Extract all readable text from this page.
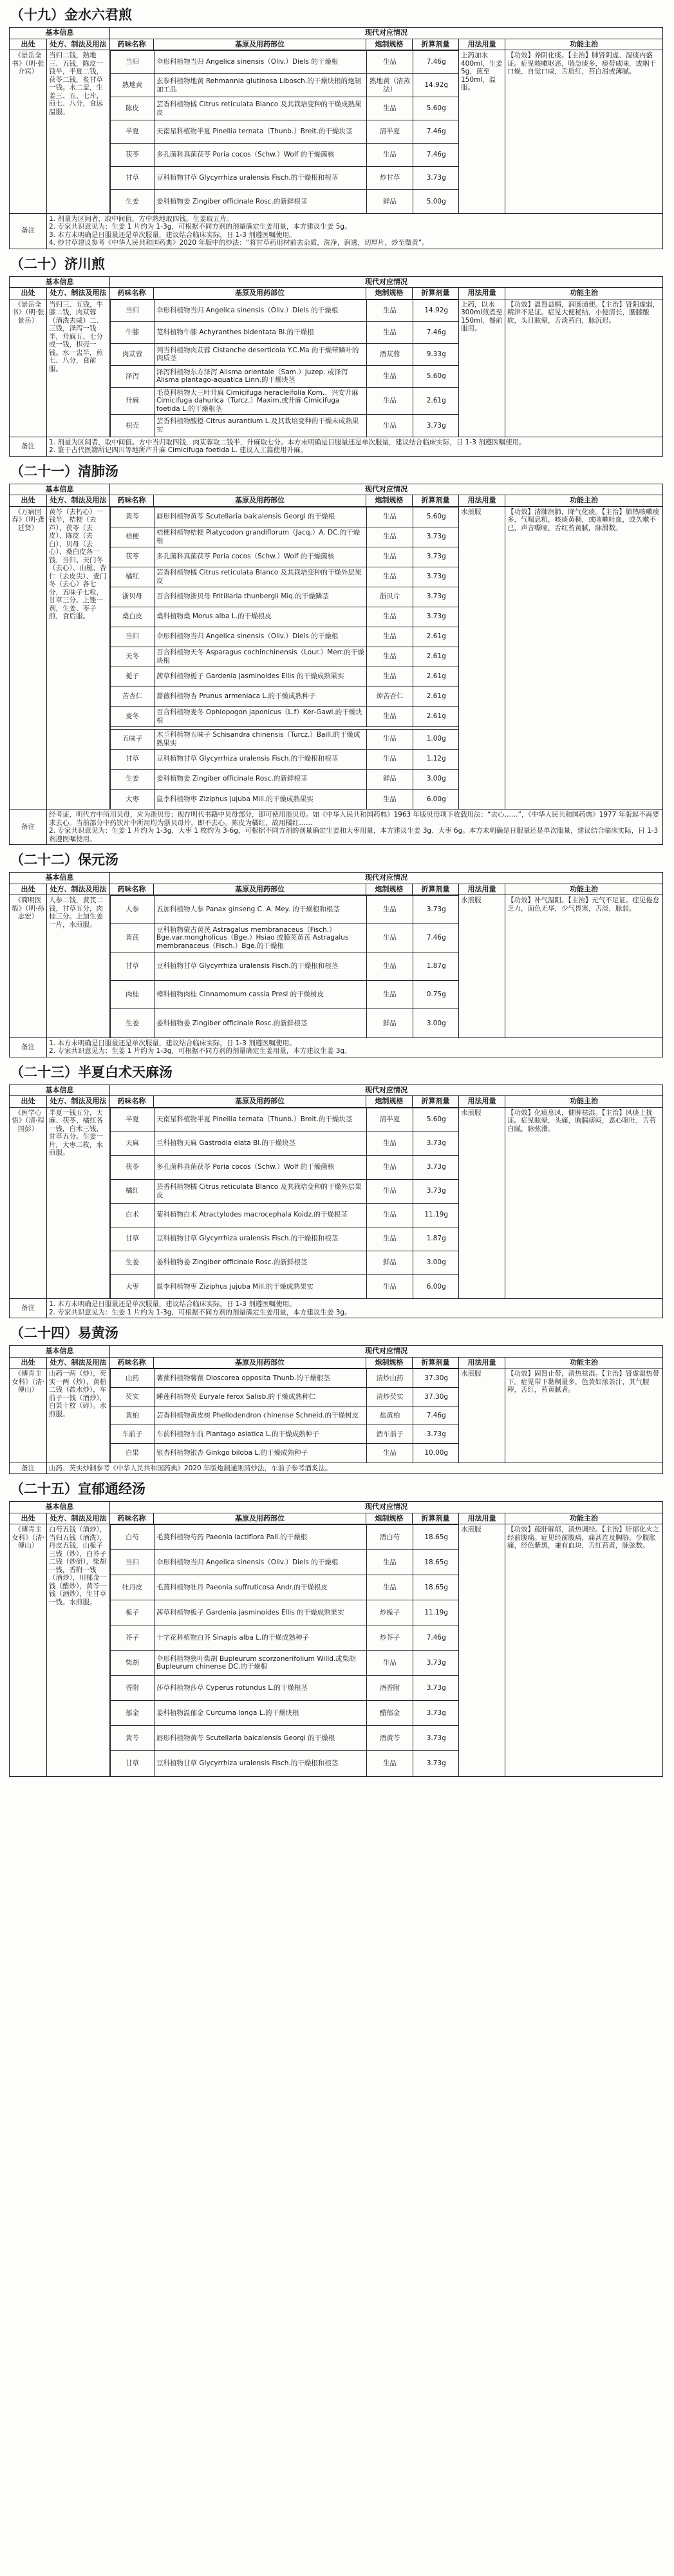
（十九）金水六君煎
基本信息	现代对应情况
出处	处方、制法及用法	药味名称	基原及用药部位	炮制规格	折算剂量	用法用量	功能主治
《景岳全书》（明·张介宾）	当归二钱，熟地三、五钱，陈皮一钱半，半夏二钱，茯苓二钱，炙甘草一钱。水二盅，生姜三、五、七片，煎七、八分，食远温服。	
当归	伞形科植物当归 Angelica sinensis（Oliv.）Diels 的干燥根	生品	7.46g
熟地黄	玄参科植物地黄 Rehmannia glutinosa Libosch.的干燥块根的炮制加工品	熟地黄（清蒸法）	14.92g
陈皮	芸香科植物橘 Citrus reticulata Blanco 及其栽培变种的干燥成熟果皮	生品	5.60g
半夏	天南星科植物半夏 Pinellia ternata（Thunb.）Breit.的干燥块茎	清半夏	7.46g
茯苓	多孔菌科真菌茯苓 Poria cocos（Schw.）Wolf 的干燥菌核	生品	7.46g
甘草	豆科植物甘草 Glycyrrhiza uralensis Fisch.的干燥根和根茎	炒甘草	3.73g
生姜	姜科植物姜 Zingiber officinale Rosc.的新鲜根茎	鲜品	5.00g
	上药加水400ml，生姜5g，煎至150ml，温服。	【功效】养阴化痰。【主治】肺肾阴虚、湿痰内盛证。症见咳嗽呕恶，喘急痰多，痰带咸味，或咽干口燥，自觉口咸，舌质红，苔白滑或薄腻。
备注	
1. 剂量为区间者，取中间值，方中熟地取四钱。生姜取五片。
2. 专家共识意见为：生姜 1 片约为 1-3g，可根据不同方剂的剂量确定生姜用量，本方建议生姜 5g。
3. 本方未明确是日服量还是单次服量，建议结合临床实际，日 1-3 剂遵医嘱使用。
4. 炒甘草建议参考《中华人民共和国药典》2020 年版中的炒法：“将甘草药用材前去杂质，洗净，润透，切厚片，炒至微黄”。
（二十）济川煎
基本信息	现代对应情况
出处	处方、制法及用法	药味名称	基原及用药部位	炮制规格	折算剂量	用法用量	功能主治
《景岳全书》（明·张景岳）	当归三、五钱，牛膝二钱，肉苁蓉（酒洗去咸）二、三钱，泽泻一钱半，升麻五、七分或一钱，枳壳一钱。水一盅半，煎七、八分，食前服。	
当归	伞形科植物当归 Angelica sinensis（Oliv.）Diels 的干燥根	生品	14.92g
牛膝	苋科植物牛膝 Achyranthes bidentata Bl.的干燥根	生品	7.46g
肉苁蓉	列当科植物肉苁蓉 Cistanche deserticola Y.C.Ma 的干燥带鳞叶的肉质茎	酒苁蓉	9.33g
泽泻	泽泻科植物东方泽泻 Alisma orientale（Sam.）Juzep. 或泽泻 Alisma plantago-aquatica Linn.的干燥块茎	生品	5.60g
升麻	毛茛科植物大三叶升麻 Cimicifuga heracleifolia Kom.、兴安升麻 Cimicifuga dahurica（Turcz.）Maxim.或升麻 Cimicifuga foetida L.的干燥根茎	生品	2.61g
枳壳	芸香科植物酸橙 Citrus aurantium L.及其栽培变种的干燥未成熟果实	生品	3.73g
	上药，以水300ml煎煮至150ml，餐前服用。	【功效】温肾益精，润肠通便。【主治】肾阳虚弱，精津不足证。症见大便秘结，小便清长，腰膝酸软，头目眩晕，舌淡苔白，脉沉迟。
备注	
1. 剂量为区间者，取中间值。方中当归取四钱，肉苁蓉取二钱半，升麻取七分。本方未明确是日服量还是单次服量，建议结合临床实际，日 1-3 剂遵医嘱使用。
2. 鉴于古代医籍所记四川等地所产升麻 Cimicifuga foetida L. 建议入工篇使用升麻。
（二十一）清肺汤
基本信息	现代对应情况
出处	处方、制法及用法	药味名称	基原及用药部位	炮制规格	折算剂量	用法用量	功能主治
《万病回春》（明·龚廷贤）	黄芩（去朽心）一钱半，桔梗（去芦）、茯苓（去皮）、陈皮（去白）、贝母（去心）、桑白皮各一钱，当归、天门冬（去心）、山栀、杏仁（去皮尖）、麦门冬（去心）各七分，五味子七粒，甘草三分。上锉一剂，生姜、枣子煎，食后服。	
黄芩	唇形科植物黄芩 Scutellaria baicalensis Georgi 的干燥根	生品	5.60g
桔梗	桔梗科植物桔梗 Platycodon grandiflorum（Jacq.）A. DC.的干燥根	生品	3.73g
茯苓	多孔菌科真菌茯苓 Poria cocos（Schw.）Wolf 的干燥菌核	生品	3.73g
橘红	芸香科植物橘 Citrus reticulata Blanco 及其栽培变种的干燥外层果皮	生品	3.73g
浙贝母	百合科植物浙贝母 Fritillaria thunbergii Miq.的干燥鳞茎	浙贝片	3.73g
桑白皮	桑科植物桑 Morus alba L.的干燥根皮	生品	3.73g
当归	伞形科植物当归 Angelica sinensis（Oliv.）Diels 的干燥根	生品	2.61g
天冬	百合科植物天冬 Asparagus cochinchinensis（Lour.）Merr.的干燥块根	生品	2.61g
栀子	茜草科植物栀子 Gardenia jasminoides Ellis 的干燥成熟果实	生品	2.61g
苦杏仁	蔷薇科植物杏 Prunus armeniaca L.的干燥成熟种子	焯苦杏仁	2.61g
麦冬	百合科植物麦冬 Ophiopogon japonicus（L.f）Ker-Gawl.的干燥块根	生品	2.61g

五味子	木兰科植物五味子 Schisandra chinensis（Turcz.）Baill.的干燥成熟果实	生品	1.00g
甘草	豆科植物甘草 Glycyrrhiza uralensis Fisch.的干燥根和根茎	生品	1.12g
生姜	姜科植物姜 Zingiber officinale Rosc.的新鲜根茎	鲜品	3.00g
大枣	鼠李科植物枣 Ziziphus jujuba Mill.的干燥成熟果实	生品	6.00g
	水煎服	【功效】清肺润肺，降气化痰。【主治】肺热咳嗽痰多，气喘息粗，咳痰黄稠，或咳嗽吐血，或久嗽不已，声音嘶哑，舌红苔黄腻，脉滑数。
备注	
经考证，明代方中所用贝母，应为浙贝母；现存明代书籍中贝母部分，即可使用浙贝母。如《中华人民共和国药典》1963 年版贝母项下收载用法：“去心……”，《中华人民共和国药典》1977 年版起不再要求去心。当前部分中药饮片中所用均为浙贝母片，即不去心。陈皮为橘红，故用橘红……
2. 专家共识意见为：生姜 1 片约为 1-3g，大枣 1 枚约为 3-6g，可根据不同方剂的剂量确定生姜和大枣用量，本方建议生姜 3g、大枣 6g。本方未明确是日服量还是单次服量，建议结合临床实际，日 1-3 剂遵医嘱使用。
（二十二）保元汤
基本信息	现代对应情况
出处	处方、制法及用法	药味名称	基原及用药部位	炮制规格	折算剂量	用法用量	功能主治
《简明医彀》（明·孙志宏）	人参二钱，黄芪二钱，甘草五分，肉桂三分。上加生姜一片，水煎服。	
人参	五加科植物人参 Panax ginseng C. A. Mey. 的干燥根和根茎	生品	3.73g
黄芪	豆科植物蒙古黄芪 Astragalus membranaceus（Fisch.）Bge.var.mongholicus（Bge.）Hsiao 或膜荚黄芪 Astragalus membranaceus（Fisch.）Bge.的干燥根	生品	7.46g
甘草	豆科植物甘草 Glycyrrhiza uralensis Fisch.的干燥根和根茎	生品	1.87g
肉桂	樟科植物肉桂 Cinnamomum cassia Presl 的干燥树皮	生品	0.75g
生姜	姜科植物姜 Zingiber officinale Rosc.的新鲜根茎	鲜品	3.00g
	水煎服	【功效】补气温阳。【主治】元气不足证。症见倦怠乏力，面色无华，少气畏寒，舌淡，脉弱。
备注	
1. 本方未明确是日服量还是单次服量，建议结合临床实际，日 1-3 剂遵医嘱使用。
2. 专家共识意见为：生姜 1 片约为 1-3g，可根据不同方剂的剂量确定生姜用量，本方建议生姜 3g。
（二十三）半夏白术天麻汤
基本信息	现代对应情况
出处	处方、制法及用法	药味名称	基原及用药部位	炮制规格	折算剂量	用法用量	功能主治
《医学心悟》（清·程国彭）	半夏一钱五分，天麻、茯苓、橘红各一钱，白术三钱，甘草五分。生姜一片，大枣二枚，水煎服。	
半夏	天南星科植物半夏 Pinellia ternata（Thunb.）Breit.的干燥块茎	清半夏	5.60g
天麻	兰科植物天麻 Gastrodia elata Bl.的干燥块茎	生品	3.73g
茯苓	多孔菌科真菌茯苓 Poria cocos（Schw.）Wolf 的干燥菌核	生品	3.73g
橘红	芸香科植物橘 Citrus reticulata Blanco 及其栽培变种的干燥外层果皮	生品	3.73g
白术	菊科植物白术 Atractylodes macrocephala Koidz.的干燥根茎	生品	11.19g
甘草	豆科植物甘草 Glycyrrhiza uralensis Fisch.的干燥根和根茎	生品	1.87g
生姜	姜科植物姜 Zingiber officinale Rosc.的新鲜根茎	鲜品	3.00g
大枣	鼠李科植物枣 Ziziphus jujuba Mill.的干燥成熟果实	生品	6.00g
	水煎服	【功效】化痰息风，健脾祛湿。【主治】风痰上扰证。症见眩晕，头痛，胸膈痞闷，恶心呕吐，舌苔白腻，脉弦滑。
备注	
1. 本方未明确是日服量还是单次服量，建议结合临床实际，日 1-3 剂遵医嘱使用。
2. 专家共识意见为：生姜 1 片约为 1-3g，可根据不同方剂的剂量确定生姜用量，本方建议生姜 3g。
（二十四）易黄汤
基本信息	现代对应情况
出处	处方、制法及用法	药味名称	基原及用药部位	炮制规格	折算剂量	用法用量	功能主治
《傅青主女科》（清·傅山）	山药一两（炒），芡实一两（炒），黄柏二钱（盐水炒），车前子一钱（酒炒），白果十枚（碎）。水煎服。	
山药	薯蓣科植物薯蓣 Dioscorea opposita Thunb.的干燥根茎	清炒山药	37.30g
芡实	睡莲科植物芡 Euryale ferox Salisb.的干燥成熟种仁	清炒芡实	37.30g
黄柏	芸香科植物黄皮树 Phellodendron chinense Schneid.的干燥树皮	盐黄柏	7.46g
车前子	车前科植物车前 Plantago asiatica L.的干燥成熟种子	酒车前子	3.73g
白果	银杏科植物银杏 Ginkgo biloba L.的干燥成熟种子	生品	10.00g
	水煎服	【功效】固肾止带，清热祛湿。【主治】肾虚湿热带下。症见带下黏稠量多，色黄如浓茶汁，其气腥秽，舌红，苔黄腻者。
备注	山药、芡实炒制参考《中华人民共和国药典》2020 年版炮制通则清炒法，车前子参考酒炙法。
（二十五）宣郁通经汤
基本信息	现代对应情况
出处	处方、制法及用法	药味名称	基原及用药部位	炮制规格	折算剂量	用法用量	功能主治
《傅青主女科》（清·傅山）	白芍五钱（酒炒），当归五钱（酒洗），丹皮五钱，山栀子三钱（炒），白芥子二钱（炒研），柴胡一钱，香附一钱（酒炒），川郁金一钱（醋炒），黄芩一钱（酒炒），生甘草一钱。水煎服。	
白芍	毛茛科植物芍药 Paeonia lactiflora Pall.的干燥根	酒白芍	18.65g
当归	伞形科植物当归 Angelica sinensis（Oliv.）Diels 的干燥根	生品	18.65g
牡丹皮	毛茛科植物牡丹 Paeonia suffruticosa Andr.的干燥根皮	生品	18.65g
栀子	茜草科植物栀子 Gardenia jasminoides Ellis 的干燥成熟果实	炒栀子	11.19g
芥子	十字花科植物白芥 Sinapis alba L.的干燥成熟种子	炒芥子	7.46g
柴胡	伞形科植物狭叶柴胡 Bupleurum scorzonerifolium Willd.或柴胡 Bupleurum chinense DC.的干燥根	生品	3.73g
香附	莎草科植物莎草 Cyperus rotundus L.的干燥根茎	酒香附	3.73g
郁金	姜科植物温郁金 Curcuma longa L.的干燥块根	醋郁金	3.73g
黄芩	唇形科植物黄芩 Scutellaria baicalensis Georgi 的干燥根	酒黄芩	3.73g
甘草	豆科植物甘草 Glycyrrhiza uralensis Fisch.的干燥根和根茎	生品	3.73g
	水煎服	【功效】疏肝解郁，清热调经。【主治】肝郁化火之经前腹痛。症见经前腹痛，痛甚连及胸胁，少腹胀痛，经色紫黑，兼有血块，舌红苔黄，脉弦数。
